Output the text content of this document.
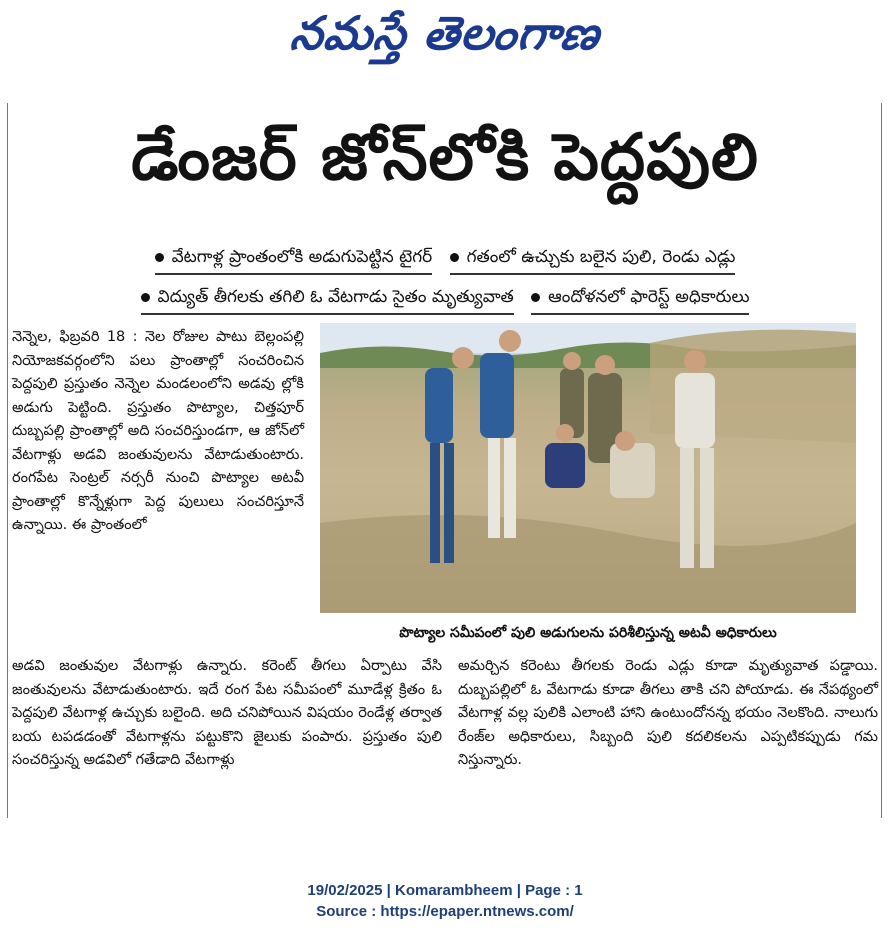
నమస్తే తెలంగాణ
డేంజర్ జోన్‌లోకి పెద్దపులి
వేటగాళ్ల ప్రాంతంలోకి అడుగుపెట్టిన టైగర్ గతంలో ఉచ్చుకు బలైన పులి, రెండు ఎడ్లు
విద్యుత్ తీగలకు తగిలి ఓ వేటగాడు సైతం మృత్యువాత ఆందోళనలో ఫారెస్ట్ అధికారులు
నెన్నెల, ఫిబ్రవరి 18 : నెల రోజుల పాటు బెల్లంపల్లి నియోజకవర్గంలోని పలు ప్రాంతాల్లో సంచరించిన పెద్దపులి ప్రస్తుతం నెన్నెల మండలంలోని అడవు ల్లోకి అడుగు పెట్టింది. ప్రస్తుతం పొట్యాల, చిత్తపూర్ దుబ్బపల్లి ప్రాంతాల్లో అది సంచరిస్తుండగా, ఆ జోన్‌లో వేటగాళ్లు అడవి జంతువులను వేటాడుతుంటారు. రంగపేట సెంట్రల్ నర్సరీ నుంచి పొట్యాల అటవీ ప్రాంతాల్లో కొన్నేళ్లుగా పెద్ద పులులు సంచరిస్తూనే ఉన్నాయి. ఈ ప్రాంతంలో
పొట్యాల సమీపంలో పులి అడుగులను పరిశీలిస్తున్న అటవీ అధికారులు
అడవి జంతువుల వేటగాళ్లు ఉన్నారు. కరెంట్ తీగలు ఏర్పాటు వేసి జంతువులను వేటాడుతుంటారు. ఇదే రంగ పేట సమీపంలో మూడేళ్ల క్రితం ఓ పెద్దపులి వేటగాళ్ల ఉచ్చుకు బలైంది. అది చనిపోయిన విషయం రెండేళ్ల తర్వాత బయ టపడడంతో వేటగాళ్లను పట్టుకొని జైలుకు పంపారు. ప్రస్తుతం పులి సంచరిస్తున్న అడవిలో గతేడాది వేటగాళ్లు
అమర్చిన కరెంటు తీగలకు రెండు ఎడ్లు కూడా మృత్యువాత పడ్డాయి. దుబ్బపల్లిలో ఓ వేటగాడు కూడా తీగలు తాకి చని పోయాడు. ఈ నేపథ్యంలో వేటగాళ్ల వల్ల పులికి ఎలాంటి హాని ఉంటుందోనన్న భయం నెలకొంది. నాలుగు రేంజ్‌ల అధికారులు, సిబ్బంది పులి కదలికలను ఎప్పటికప్పుడు గమ నిస్తున్నారు.
19/02/2025 | Komarambheem | Page : 1
Source : https://epaper.ntnews.com/
